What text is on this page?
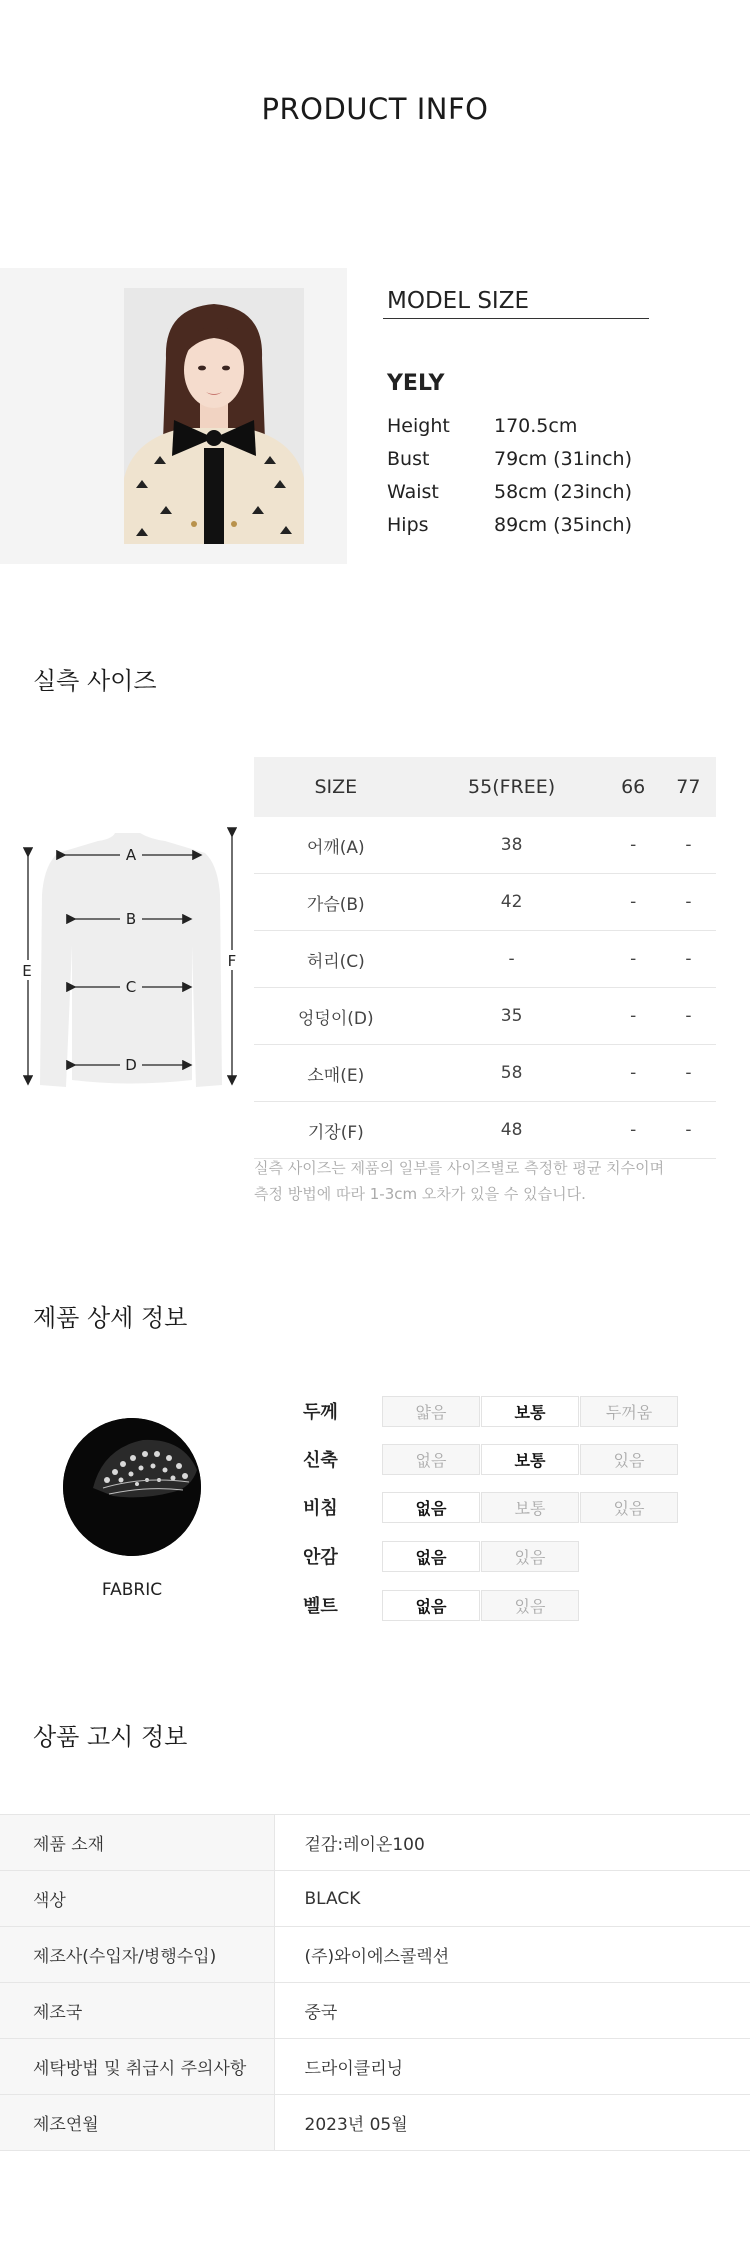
PRODUCT INFO
MODEL SIZE
YELY
Height 170.5cm
Bust	79cm (31inch)
Waist	58cm (23inch)
Hips	89cm (35inch)
실측 사이즈
E
F
A
B
C
D
SIZE	55(FREE)	66	77
어깨(A)	38	-	-
가슴(B)	42	-	-
허리(C)	-	-	-
엉덩이(D)	35	-	-
소매(E)	58	-	-
기장(F)	48	-	-
실측 사이즈는 제품의 일부를 사이즈별로 측정한 평균 치수이며
측정 방법에 따라 1-3cm 오차가 있을 수 있습니다.
제품 상세 정보
FABRIC
두께	얇음	보통	두꺼움
신축	없음	보통	있음
비침	없음	보통	있음
안감	없음	있음
벨트	없음	있음
상품 고시 정보
제품 소재	겉감:레이온100
색상	BLACK
제조사(수입자/병행수입)	(주)와이에스콜렉션
제조국	중국
세탁방법 및 취급시 주의사항	드라이클리닝
제조연월	2023년 05월
